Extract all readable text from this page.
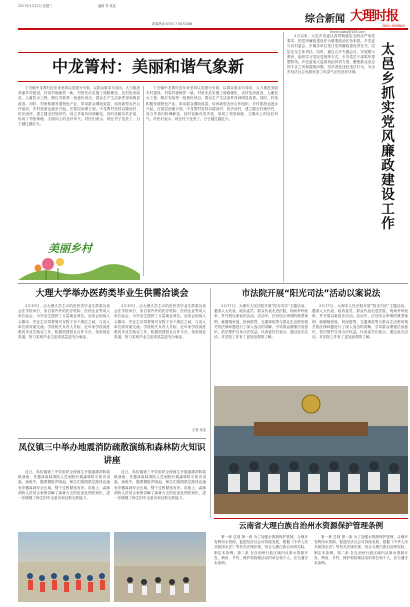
2017年3月22日 星期三	编辑 李 某某
新闻热线:0707-7 5872588
Email:dwbs@163.com
综合新闻 大理时报
DALI SHIBAO
中龙箐村：美丽和谐气象新
下关镇中龙箐村近年来坚持以党建为引领，以群众需求为导向，大力推进美丽乡村建设，村容村貌焕然一新。村里先后实施了道路硬化、农村危房改造、人畜饮水工程、路灯安装等一批惠民项目，群众生产生活条件得到明显改善。同时，村里积极发展特色产业，带动群众增收致富，培育新型农民合作组织，乡村旅游也逐步兴起。在基层治理方面，中龙箐村坚持以德治村、依法治村，建立健全村规民约，设立矛盾纠纷调解室，及时化解各类矛盾，形成了邻里和睦、文明向上的良好风气。村民们表示，现在村子变美了，日子越过越红火。
下关镇中龙箐村近年来坚持以党建为引领，以群众需求为导向，大力推进美丽乡村建设，村容村貌焕然一新。村里先后实施了道路硬化、农村危房改造、人畜饮水工程、路灯安装等一批惠民项目，群众生产生活条件得到明显改善。同时，村里积极发展特色产业，带动群众增收致富，培育新型农民合作组织，乡村旅游也逐步兴起。在基层治理方面，中龙箐村坚持以德治村、依法治村，建立健全村规民约，设立矛盾纠纷调解室，及时化解各类矛盾，形成了邻里和睦、文明向上的良好风气。村民们表示，现在村子变美了，日子越过越红火。
美丽乡村
太邑乡抓实党风廉政建设工作
3月以来，太邑乡党委认真贯彻落实全面从严治党要求，把党风廉政建设作为重要政治任务来抓。乡党委与各村委会、乡属各单位签订党风廉政建设责任书，层层压实主体责任。同时，通过召开专题会议、开展警示教育、组织学习党纪党规等方式，引导党员干部筑牢思想防线。乡纪委加大监督执纪问责力度，聚焦群众身边的不正之风和腐败问题，坚决查处违纪违法行为，为全乡经济社会发展营造了风清气正的良好环境。
大理大学举办医药类毕业生供需洽谈会
3月19日，由大理大学主办的医药类毕业生供需洽谈会在学校举行，来自省内外的医疗机构、医药企业等用人单位参会，为毕业生提供了大量就业岗位。洽谈会现场人头攒动，毕业生们带着简历穿梭于各个展位之间，与用人单位面对面交流。学校相关负责人介绍，近年来学校高度重视毕业生就业工作，积极搭建校企合作平台，拓宽就业渠道，努力实现毕业生更高质量更充分就业。
3月19日，由大理大学主办的医药类毕业生供需洽谈会在学校举行，来自省内外的医疗机构、医药企业等用人单位参会，为毕业生提供了大量就业岗位。洽谈会现场人头攒动，毕业生们带着简历穿梭于各个展位之间，与用人单位面对面交流。学校相关负责人介绍，近年来学校高度重视毕业生就业工作，积极搭建校企合作平台，拓宽就业渠道，努力实现毕业生更高质量更充分就业。
记者 某某
市法院开展“阳光司法”活动以案说法
3月17日，大理市人民法院开展“阳光司法”主题活动，邀请人大代表、政协委员、群众代表走进法院，现场旁听庭审，并开展以案说法活动。活动中，法官结合审理的典型案例，就婚姻家庭、民间借贷、交通事故等与群众生活密切相关的法律问题进行了深入浅出的讲解，引导群众增强法治意识，依法维护自身合法权益。代表委员们表示，通过此次活动，对法院工作有了更加直观的了解。
3月17日，大理市人民法院开展“阳光司法”主题活动，邀请人大代表、政协委员、群众代表走进法院，现场旁听庭审，并开展以案说法活动。活动中，法官结合审理的典型案例，就婚姻家庭、民间借贷、交通事故等与群众生活密切相关的法律问题进行了深入浅出的讲解，引导群众增强法治意识，依法维护自身合法权益。代表委员们表示，通过此次活动，对法院工作有了更加直观的了解。
凤仪镇三中举办地震消防疏散演练和森林防火知识讲座
近日，凤仪镇第三中学组织全校师生开展地震消防疏散演练，并邀请森林消防人员到校开展森林防火知识讲座。演练中，随着警报声响起，师生们按照预定路线迅速有序撤离到安全区域，整个过程紧张有序。讲座上，森林消防人员结合案例讲解了森林火灾的危害及预防知识，进一步增强了师生的安全意识和自救互救能力。
近日，凤仪镇第三中学组织全校师生开展地震消防疏散演练，并邀请森林消防人员到校开展森林防火知识讲座。演练中，随着警报声响起，师生们按照预定路线迅速有序撤离到安全区域，整个过程紧张有序。讲座上，森林消防人员结合案例讲解了森林火灾的危害及预防知识，进一步增强了师生的安全意识和自救互救能力。
云南省大理白族自治州水资源保护管理条例
第一章 总则 第一条 为了加强水资源保护管理，合理开发利用水资源，促进经济社会可持续发展，根据《中华人民共和国水法》等有关法律法规，结合大理白族自治州实际，制定本条例。第二条 在自治州行政区域内从事水资源开发、利用、节约、保护和管理活动的单位和个人，应当遵守本条例。
第一章 总则 第一条 为了加强水资源保护管理，合理开发利用水资源，促进经济社会可持续发展，根据《中华人民共和国水法》等有关法律法规，结合大理白族自治州实际，制定本条例。第二条 在自治州行政区域内从事水资源开发、利用、节约、保护和管理活动的单位和个人，应当遵守本条例。
